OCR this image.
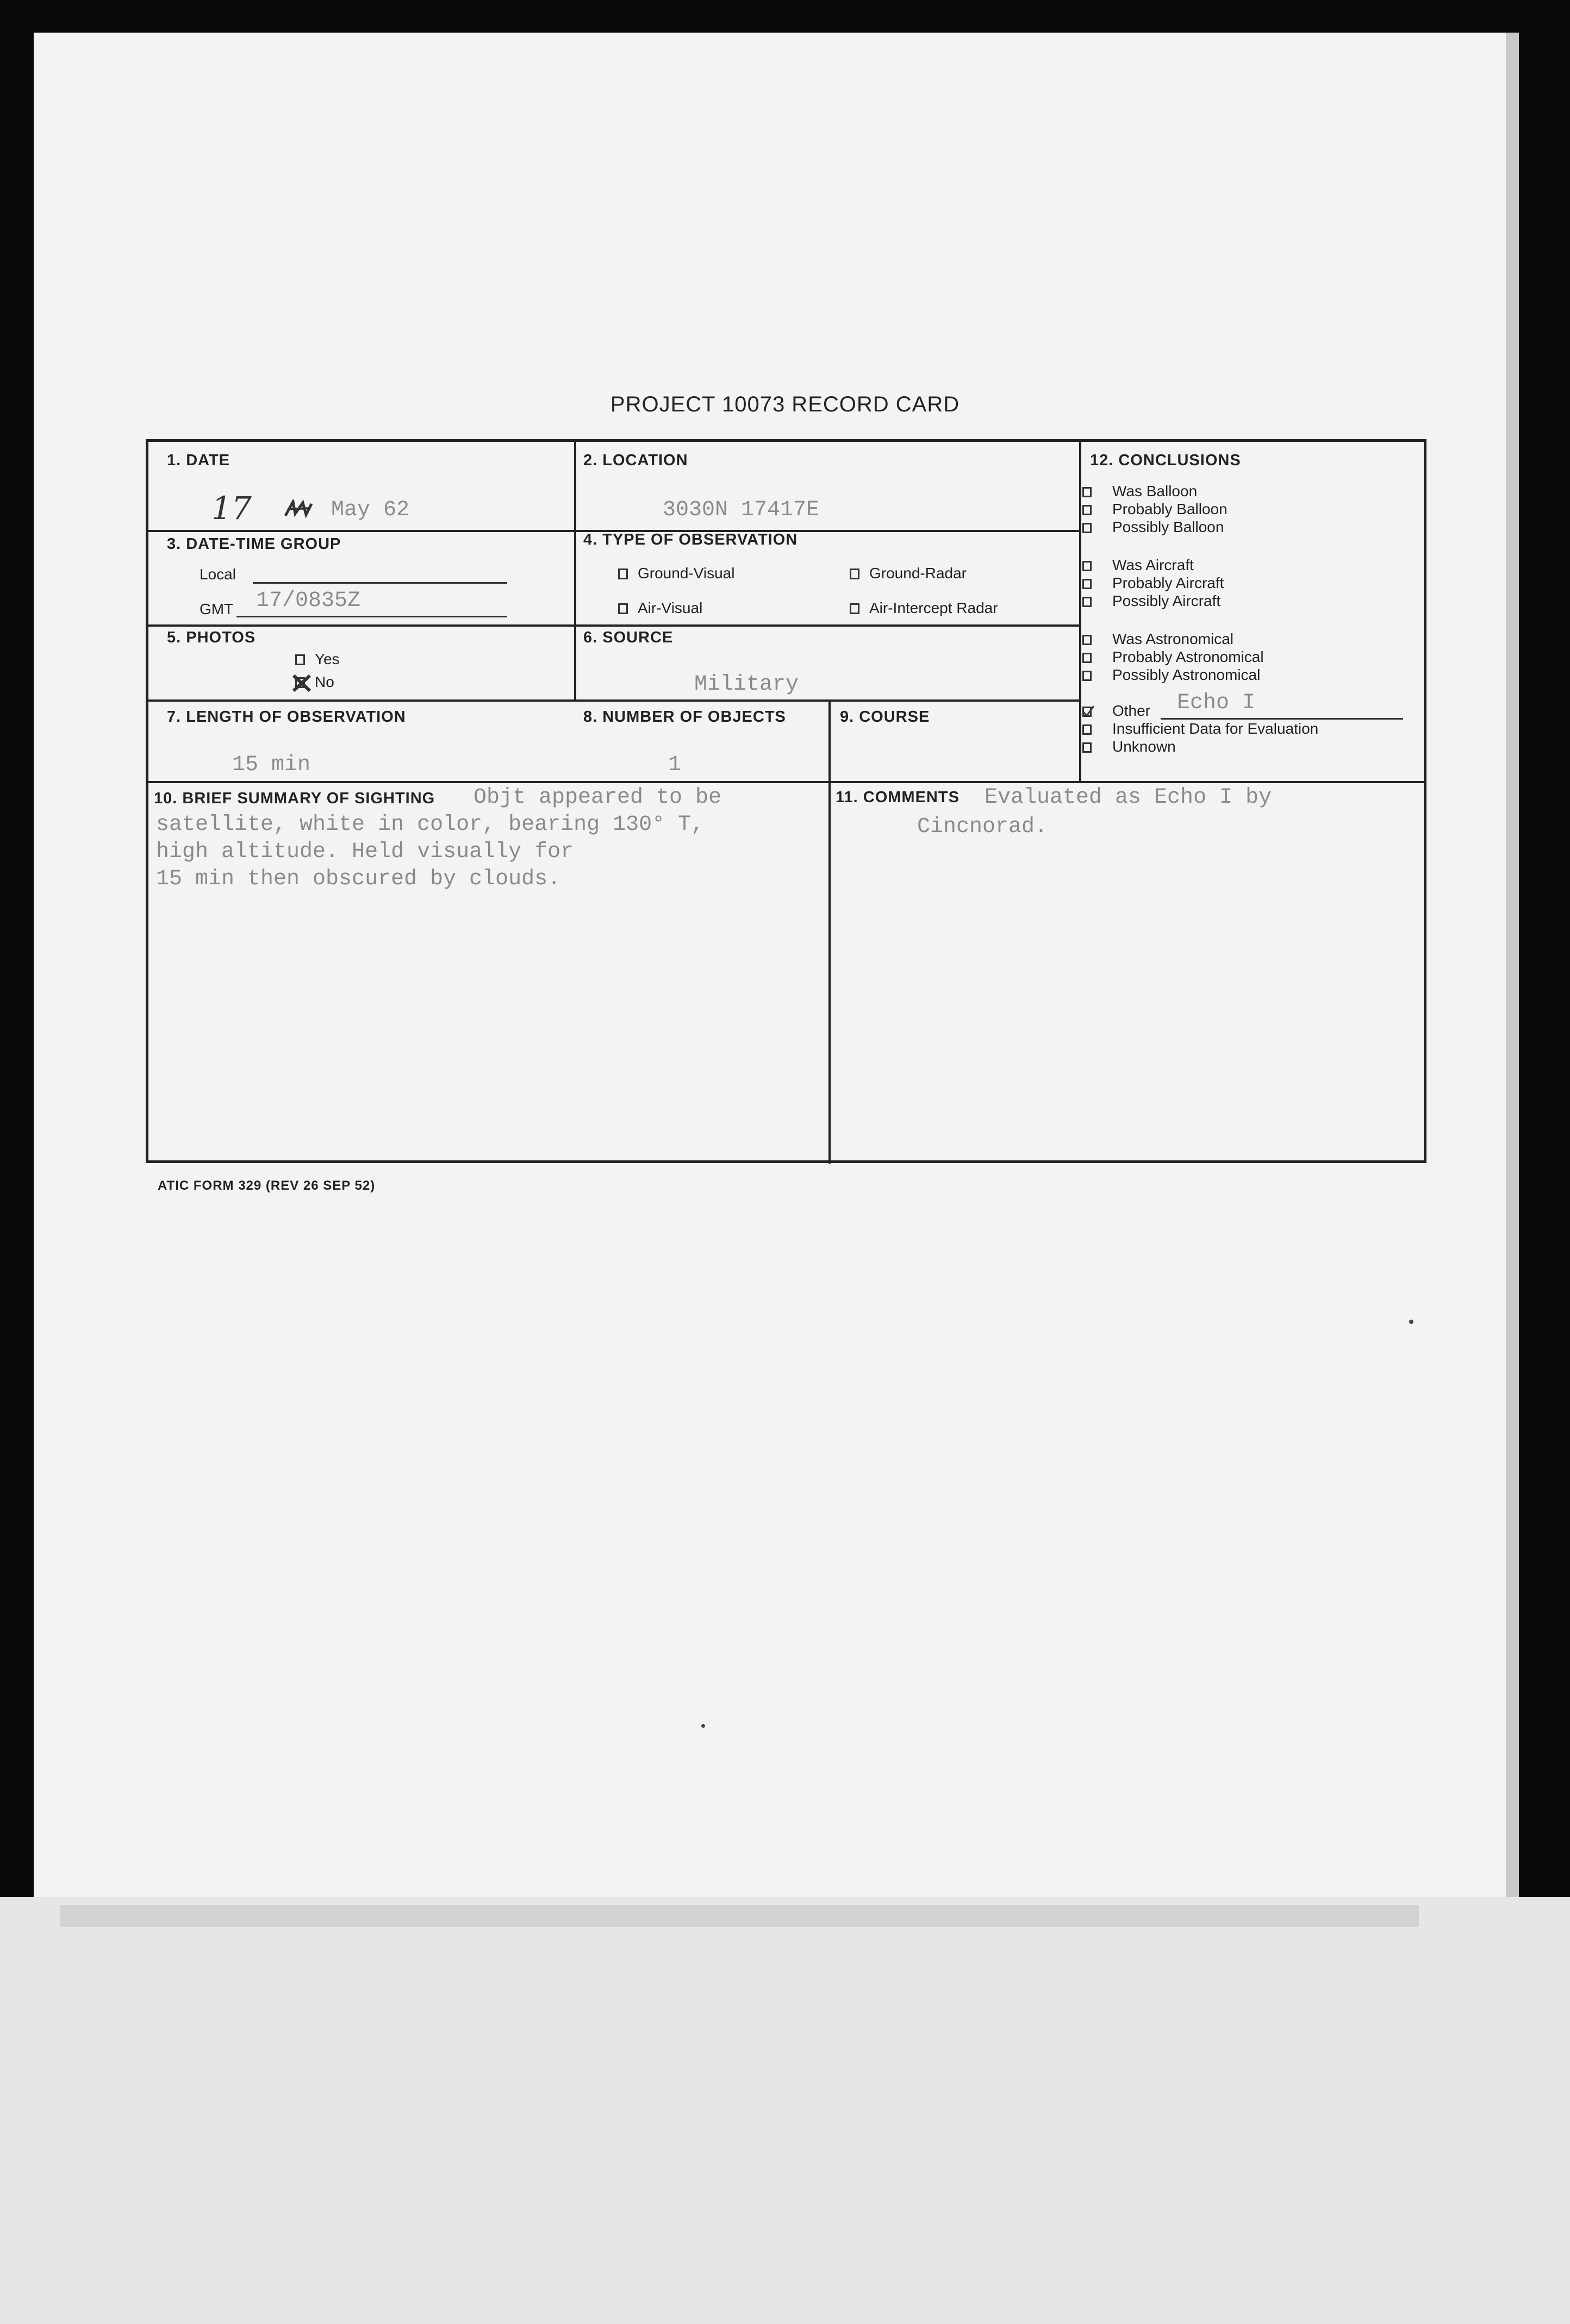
PROJECT 10073 RECORD CARD
1. DATE
17	May 62
2. LOCATION
3030N 17417E
3. DATE-TIME GROUP
Local
GMT 17/0835Z
4. TYPE OF OBSERVATION
Ground-Visual	Ground-Radar
Air-Visual	Air-Intercept Radar
5. PHOTOS
Yes
No
6. SOURCE
Military
7. LENGTH OF OBSERVATION
15 min
8. NUMBER OF OBJECTS
1
9. COURSE
10. BRIEF SUMMARY OF SIGHTING Objt appeared to be
satellite, white in color, bearing 130° T,
high altitude. Held visually for
15 min then obscured by clouds.
11. COMMENTS Evaluated as Echo I by
Cincnorad.
12. CONCLUSIONS
Was Balloon
Probably Balloon
Possibly Balloon
Was Aircraft
Probably Aircraft
Possibly Aircraft
Was Astronomical
Probably Astronomical
Possibly Astronomical
Other Echo I
Insufficient Data for Evaluation
Unknown
ATIC FORM 329 (REV 26 SEP 52)
